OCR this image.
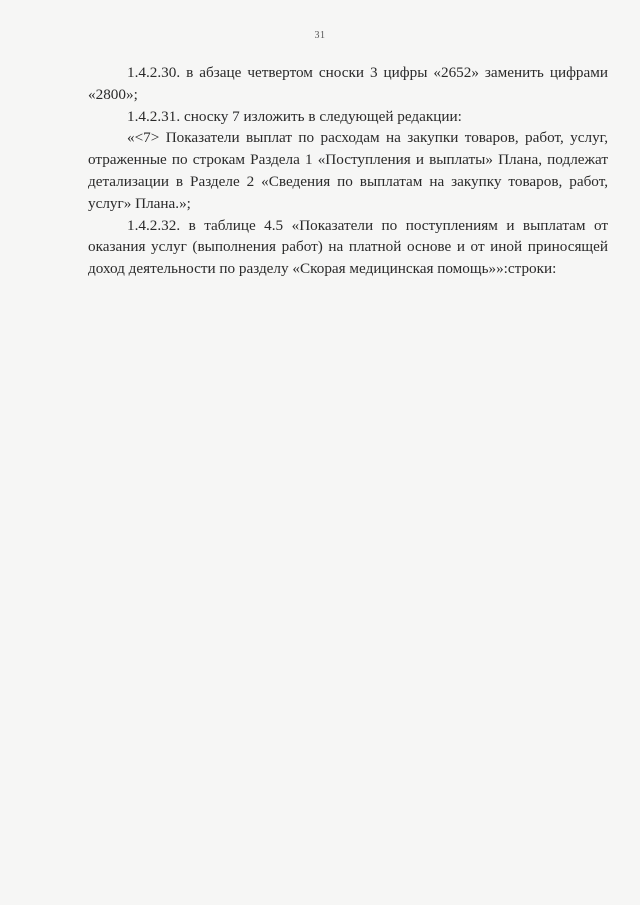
31

1.4.2.30. в абзаце четвертом сноски 3 цифры «2652» заменить цифрами «2800»;

1.4.2.31. сноску 7 изложить в следующей редакции:

«<7> Показатели выплат по расходам на закупки товаров, работ, услуг, отраженные по строкам Раздела 1 «Поступления и выплаты» Плана, подлежат детализации в Разделе 2 «Сведения по выплатам на закупку товаров, работ, услуг» Плана.»;

1.4.2.32. в таблице 4.5 «Показатели по поступлениям и выплатам от оказания услуг (выполнения работ) на платной основе и от иной приносящей доход деятельности по разделу «Скорая медицинская помощь»»:строки:
